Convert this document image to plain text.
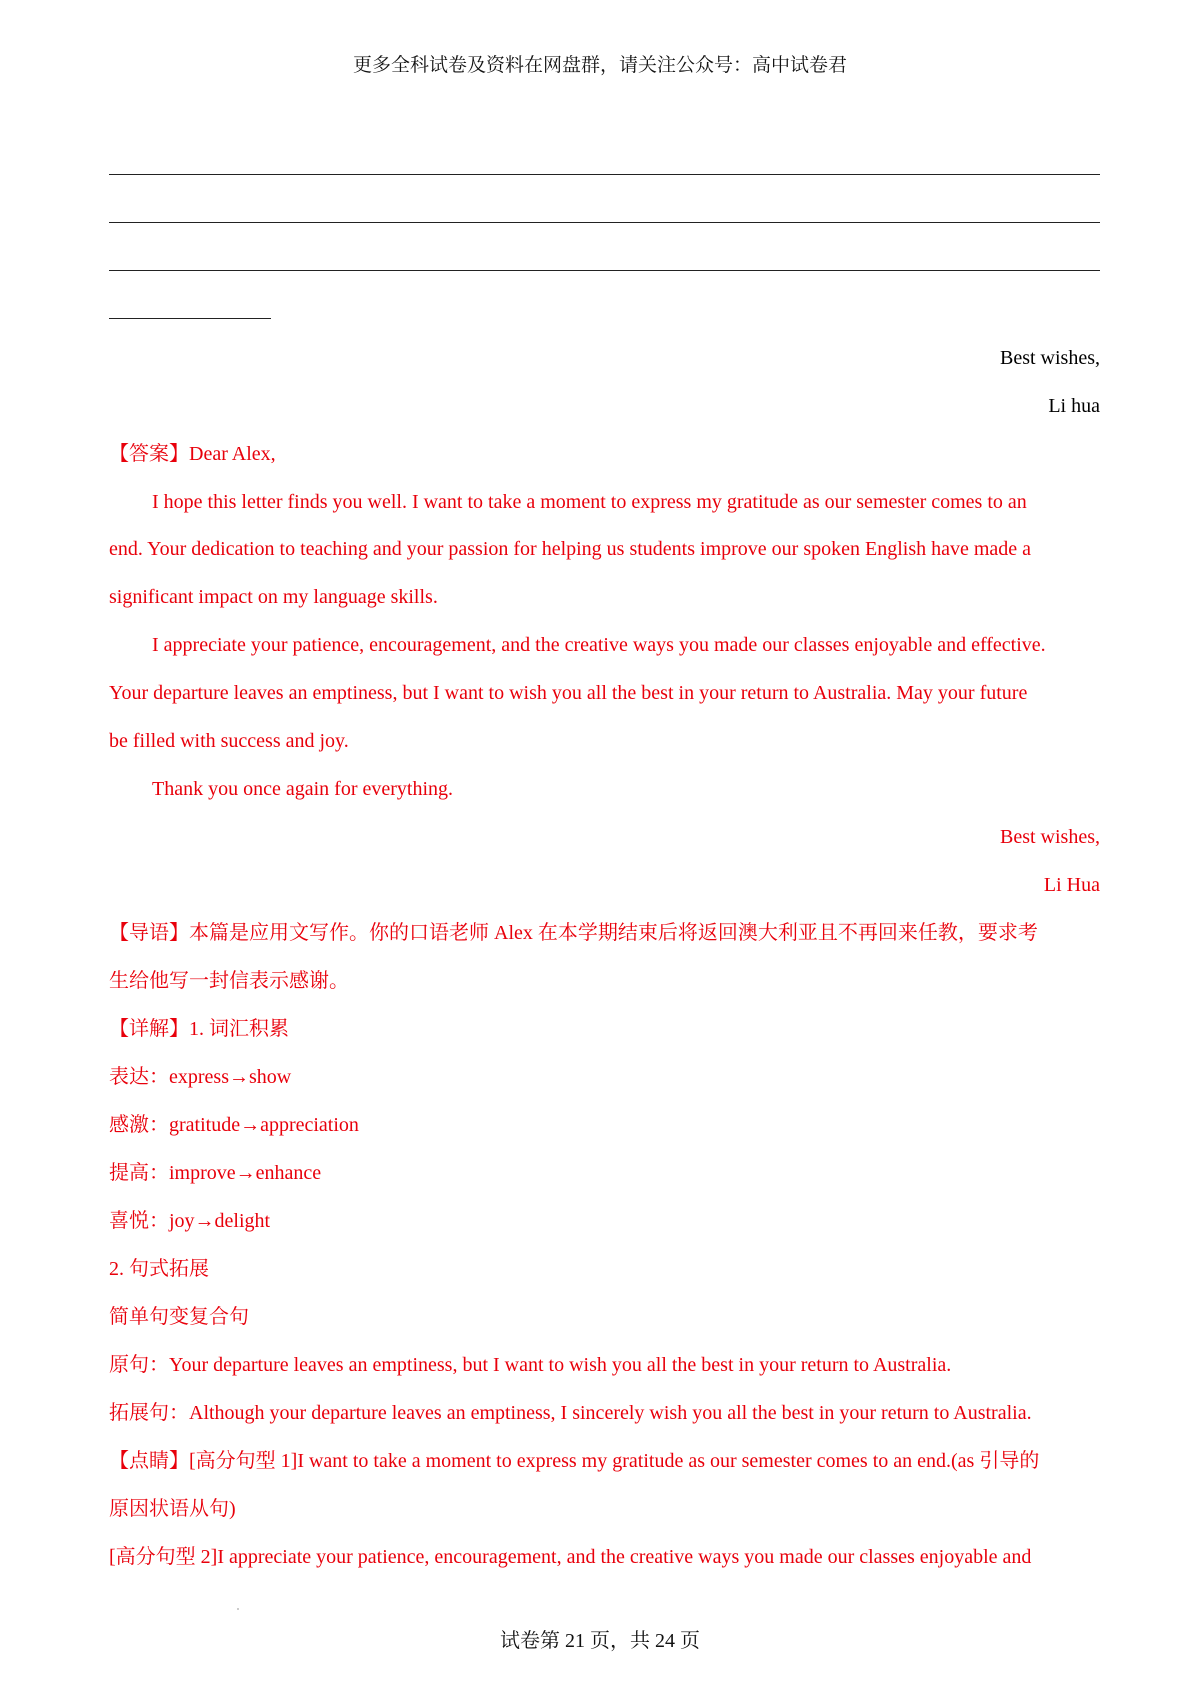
更多全科试卷及资料在网盘群，请关注公众号：高中试卷君
Best wishes,
Li hua
【答案】Dear Alex,
I hope this letter finds you well. I want to take a moment to express my gratitude as our semester comes to an
end. Your dedication to teaching and your passion for helping us students improve our spoken English have made a
significant impact on my language skills.
I appreciate your patience, encouragement, and the creative ways you made our classes enjoyable and effective.
Your departure leaves an emptiness, but I want to wish you all the best in your return to Australia. May your future
be filled with success and joy.
Thank you once again for everything.
Best wishes,
Li Hua
【导语】本篇是应用文写作。你的口语老师 Alex 在本学期结束后将返回澳大利亚且不再回来任教，要求考
生给他写一封信表示感谢。
【详解】1. 词汇积累
表达：express→show
感激：gratitude→appreciation
提高：improve→enhance
喜悦：joy→delight
2. 句式拓展
简单句变复合句
原句：Your departure leaves an emptiness, but I want to wish you all the best in your return to Australia.
拓展句：Although your departure leaves an emptiness, I sincerely wish you all the best in your return to Australia.
【点睛】[高分句型 1]I want to take a moment to express my gratitude as our semester comes to an end.(as 引导的
原因状语从句)
[高分句型 2]I appreciate your patience, encouragement, and the creative ways you made our classes enjoyable and
试卷第 21 页，共 24 页
